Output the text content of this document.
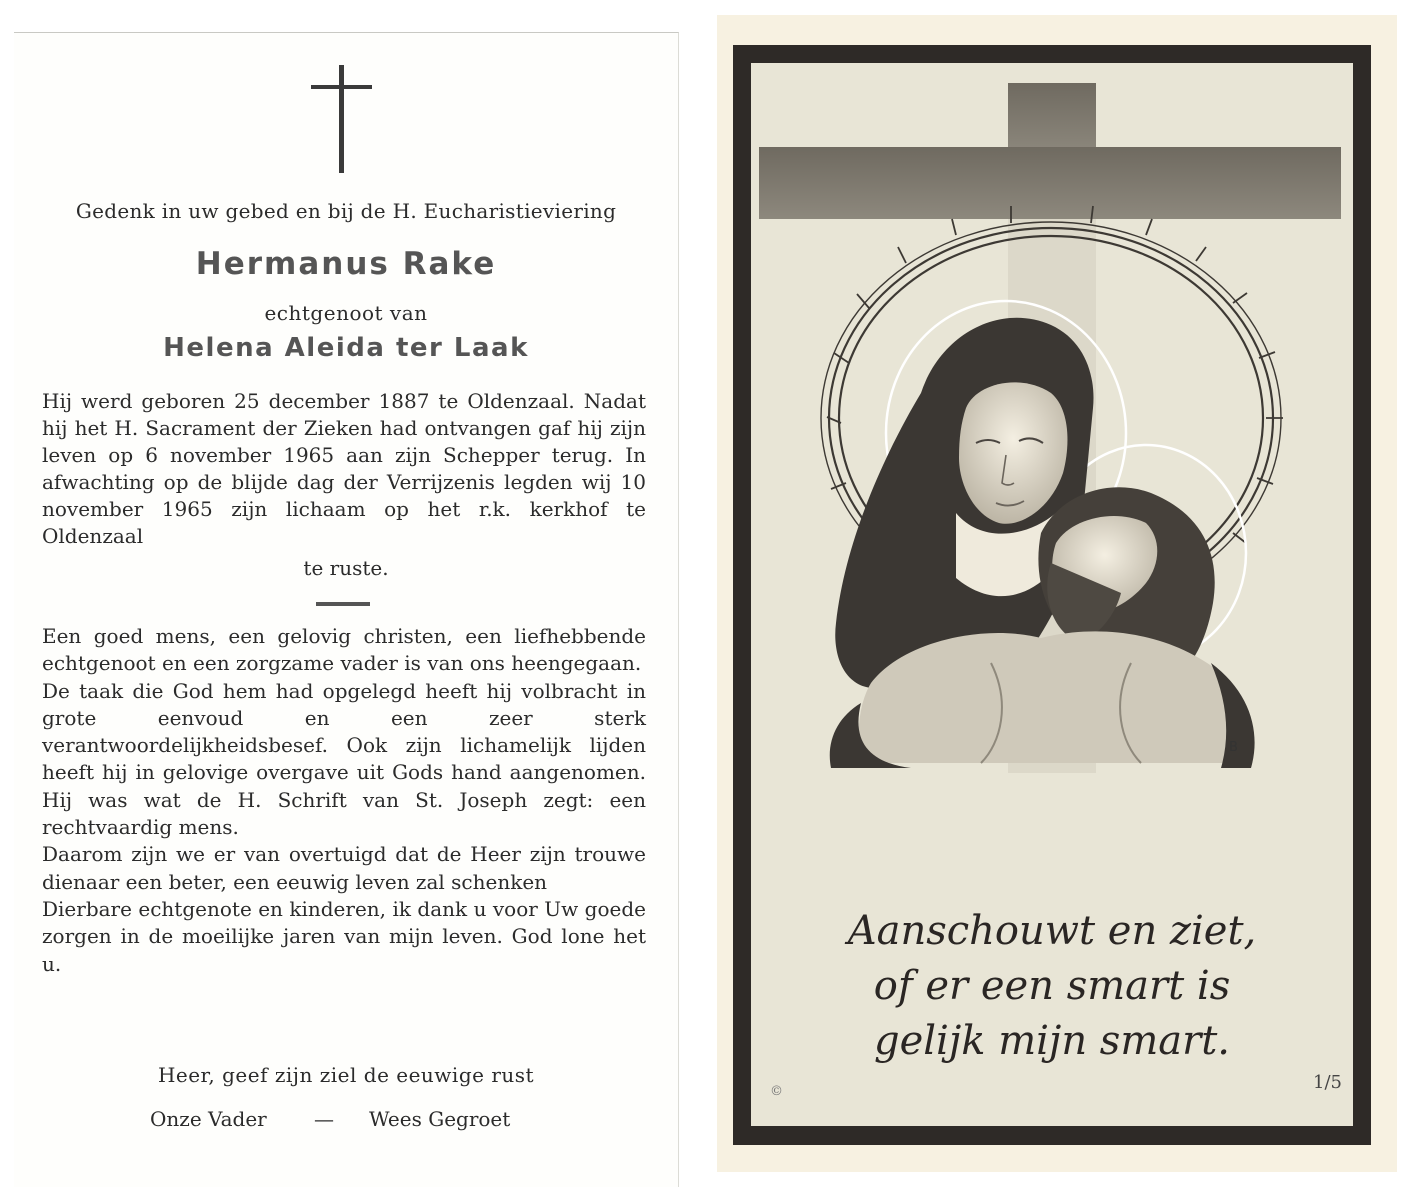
Gedenk in uw gebed en bij de H. Eucharistieviering
Hermanus Rake
echtgenoot van
Helena Aleida ter Laak
Hij werd geboren 25 december 1887 te Oldenzaal. Nadat hij het H. Sacrament der Zieken had ontvangen gaf hij zijn leven op 6 november 1965 aan zijn Schepper terug. In afwachting op de blijde dag der Verrijzenis legden wij 10 november 1965 zijn lichaam op het r.k. kerkhof te Oldenzaal
te ruste.

Een goed mens, een gelovig christen, een liefhebbende echtgenoot en een zorgzame vader is van ons heengegaan.

De taak die God hem had opgelegd heeft hij volbracht in grote eenvoud en een zeer sterk verantwoordelijkheidsbesef. Ook zijn lichamelijk lijden heeft hij in gelovige overgave uit Gods hand aangenomen. Hij was wat de H. Schrift van St. Joseph zegt: een rechtvaardig mens.

Daarom zijn we er van overtuigd dat de Heer zijn trouwe dienaar een beter, een eeuwig leven zal schenken

Dierbare echtgenote en kinderen, ik dank u voor Uw goede zorgen in de moeilijke jaren van mijn leven. God lone het u.

Heer, geef zijn ziel de eeuwige rust
Onze Vader — Wees Gegroet
B
Aanschouwt en ziet,
of er een smart is
gelijk mijn smart.
1/5
©
